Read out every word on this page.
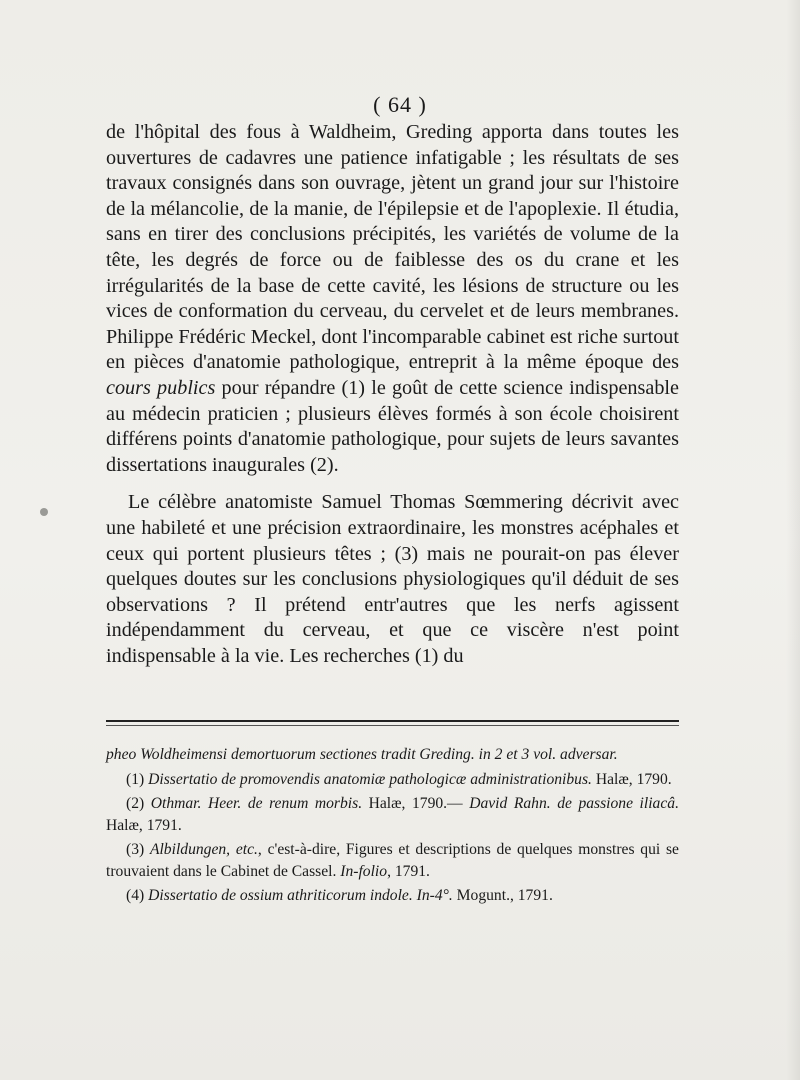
( 64 )

de l'hôpital des fous à Waldheim, Greding apporta dans toutes les ouvertures de cadavres une patience infatigable ; les résultats de ses travaux consignés dans son ouvrage, jètent un grand jour sur l'histoire de la mélancolie, de la manie, de l'épilepsie et de l'apoplexie. Il étudia, sans en tirer des conclusions précipités, les variétés de volume de la tête, les degrés de force ou de faiblesse des os du crane et les irrégularités de la base de cette cavité, les lésions de structure ou les vices de conformation du cerveau, du cervelet et de leurs membranes. Philippe Frédéric Meckel, dont l'incomparable cabinet est riche surtout en pièces d'anatomie pathologique, entreprit à la même époque des cours publics pour répandre (1) le goût de cette science indispensable au médecin praticien ; plusieurs élèves formés à son école choisirent différens points d'anatomie pathologique, pour sujets de leurs savantes dissertations inaugurales (2).

Le célèbre anatomiste Samuel Thomas Sœmmering décrivit avec une habileté et une précision extraordinaire, les monstres acéphales et ceux qui portent plusieurs têtes ; (3) mais ne pourait-on pas élever quelques doutes sur les conclusions physiologiques qu'il déduit de ses observations ? Il prétend entr'autres que les nerfs agissent indépendamment du cerveau, et que ce viscère n'est point indispensable à la vie. Les recherches (1) du

pheo Woldheimensi demortuorum sectiones tradit Greding. in 2 et 3 vol. adversar.

(1) Dissertatio de promovendis anatomiæ pathologicæ administrationibus. Halæ, 1790.

(2) Othmar. Heer. de renum morbis. Halæ, 1790.— David Rahn. de passione iliacâ. Halæ, 1791.

(3) Albildungen, etc., c'est-à-dire, Figures et descriptions de quelques monstres qui se trouvaient dans le Cabinet de Cassel. In-folio, 1791.

(4) Dissertatio de ossium athriticorum indole. In-4°. Mogunt., 1791.
